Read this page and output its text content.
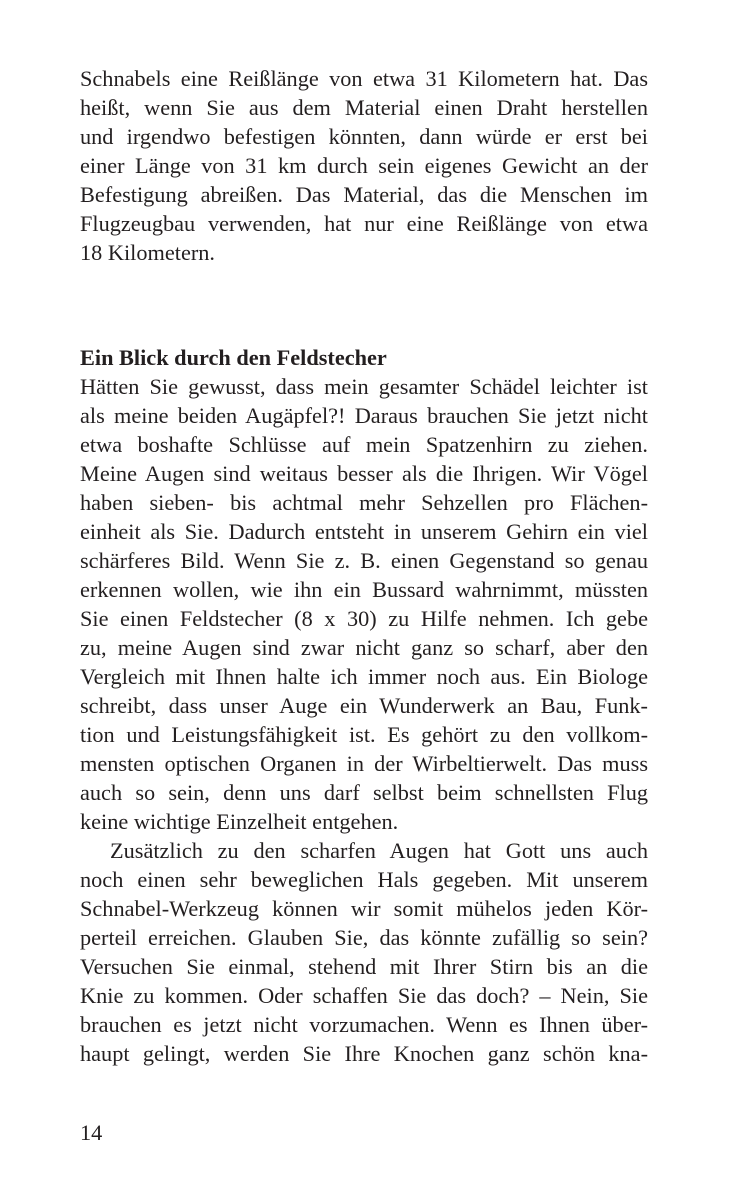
Schnabels eine Reißlänge von etwa 31 Kilometern hat. Das
heißt, wenn Sie aus dem Material einen Draht herstellen
und irgendwo befestigen könnten, dann würde er erst bei
einer Länge von 31 km durch sein eigenes Gewicht an der
Befestigung abreißen. Das Material, das die Menschen im
Flugzeugbau verwenden, hat nur eine Reißlänge von etwa
18 Kilometern.

Ein Blick durch den Feldstecher

Hätten Sie gewusst, dass mein gesamter Schädel leichter ist
als meine beiden Augäpfel?! Daraus brauchen Sie jetzt nicht
etwa boshafte Schlüsse auf mein Spatzenhirn zu ziehen.
Meine Augen sind weitaus besser als die Ihrigen. Wir Vögel
haben sieben- bis achtmal mehr Sehzellen pro Flächen-
einheit als Sie. Dadurch entsteht in unserem Gehirn ein viel
schärferes Bild. Wenn Sie z. B. einen Gegenstand so genau
erkennen wollen, wie ihn ein Bussard wahrnimmt, müssten
Sie einen Feldstecher (8 x 30) zu Hilfe nehmen. Ich gebe
zu, meine Augen sind zwar nicht ganz so scharf, aber den
Vergleich mit Ihnen halte ich immer noch aus. Ein Biologe
schreibt, dass unser Auge ein Wunderwerk an Bau, Funk-
tion und Leistungsfähigkeit ist. Es gehört zu den vollkom-
mensten optischen Organen in der Wirbeltierwelt. Das muss
auch so sein, denn uns darf selbst beim schnellsten Flug
keine wichtige Einzelheit entgehen.

Zusätzlich zu den scharfen Augen hat Gott uns auch
noch einen sehr beweglichen Hals gegeben. Mit unserem
Schnabel-Werkzeug können wir somit mühelos jeden Kör-
perteil erreichen. Glauben Sie, das könnte zufällig so sein?
Versuchen Sie einmal, stehend mit Ihrer Stirn bis an die
Knie zu kommen. Oder schaffen Sie das doch? – Nein, Sie
brauchen es jetzt nicht vorzumachen. Wenn es Ihnen über-
haupt gelingt, werden Sie Ihre Knochen ganz schön kna-

14
